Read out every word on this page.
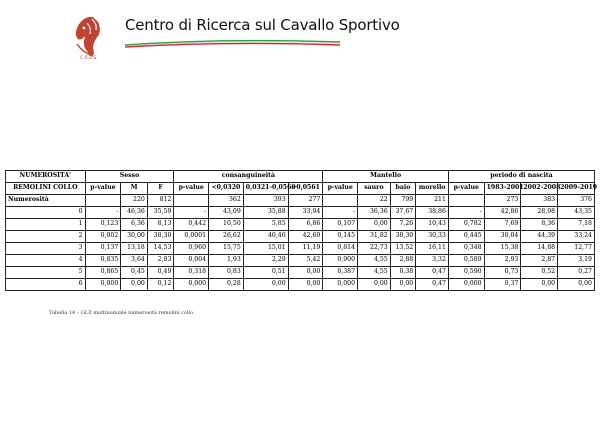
C.R.Z.S.
Centro di Ricerca sul Cavallo Sportivo
NUMEROSITA'	Sesso			consanguineità				Mantello				periodo di nascita			
REMOLINI COLLO	p-value	M	F	p-value	<0,0320	0,0321-0,0560	>0,0561	p-value	sauro	baio	morello	p-value	1983-2001	2002-2008	2009-2019
Numerosità		220	812		362	393	277		22	799	211		273	383	376
0	-	46,36	35,59	-	43,09	35,88	33,94	-	36,36	37,67	38,86	-	42,86	28,98	43,35
1	0,123	6,36	8,13	0,442	10,50	5,85	6,86	0,107	0,00	7,26	10,43	0,782	7,69	8,36	7,18
2	0,002	30,00	38,30	0,0001	26,62	40,46	42,60	0,145	31,82	38,30	30,33	0,445	30,04	44,39	33,24
3	0,137	13,18	14,53	0,960	15,75	15,01	11,19	0,814	22,73	13,52	16,11	0,348	15,38	14,88	12,77
4	0,835	3,64	2,83	0,004	1,93	2,29	5,42	0,900	4,55	2,88	3,32	0,589	2,93	2,87	3,19
5	0,865	0,45	0,49	0,318	0,83	0,51	0,00	0,387	4,55	0,38	0,47	0,590	0,73	0,52	0,27
6	0,000	0,00	0,12	0,000	0,28	0,00	0,00	0,000	0,00	0,00	0,47	0,000	0,37	0,00	0,00
Tabella 14 – GLZ multinomiale numerosità remolini collo
